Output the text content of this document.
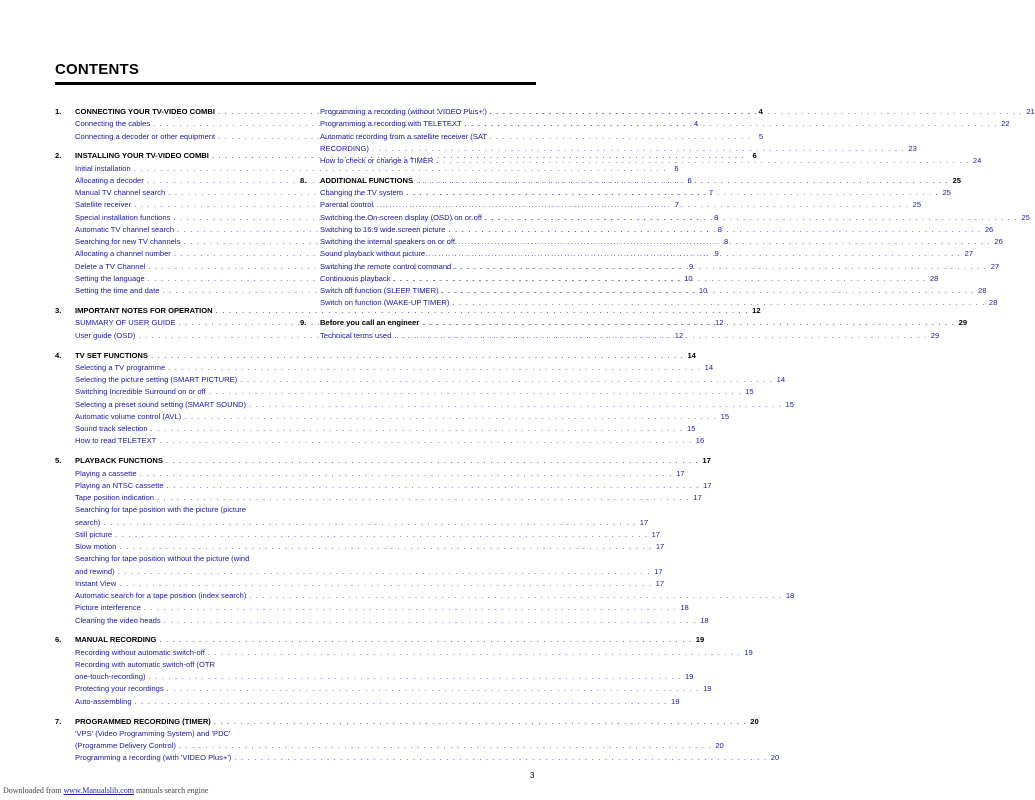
CONTENTS
1.	CONNECTING YOUR TV-VIDEO COMBI . . .	4
Connecting the cables . . .	4
Connecting a decoder or other equipment . . .	5
2.	INSTALLING YOUR TV-VIDEO COMBI . . .	6
Initial installation . . .	6
Allocating a decoder . . .	6
Manual TV channel search . . .	7
Satellite receiver . . .	7
Special installation functions . . .	8
Automatic TV channel search . . .	8
Searching for new TV channels . . .	8
Allocating a channel number . . .	9
Delete a TV Channel . . .	9
Setting the language . . .	10
Setting the time and date . . .	10
3.	IMPORTANT NOTES FOR OPERATION . . .	12
SUMMARY OF USER GUIDE . . .	12
User guide (OSD) . . .	12
4.	TV SET FUNCTIONS . . .	14
Selecting a TV programme . . .	14
Selecting the picture setting (SMART PICTURE) . . .	14
Switching Incredible Surround on or off . . .	15
Selecting a preset sound setting (SMART SOUND) . . .	15
Automatic volume control (AVL) . . .	15
Sound track selection . . .	15
How to read TELETEXT . . .	16
5.	PLAYBACK FUNCTIONS . . .	17
Playing a cassette . . .	17
Playing an NTSC cassette . . .	17
Tape position indication . . .	17
Searching for tape position with the picture (picture
search) . . .	17
Still picture . . .	17
Slow motion . . .	17
Searching for tape position without the picture (wind
and rewind) . . .	17
Instant View . . .	17
Automatic search for a tape position (index search) . . .	18
Picture interference . . .	18
Cleaning the video heads . . .	18
6.	MANUAL RECORDING . . .	19
Recording without automatic switch-off . . .	19
Recording with automatic switch-off (OTR
one-touch-recording) . . .	19
Protecting your recordings . . .	19
Auto-assembling . . .	19
7.	PROGRAMMED RECORDING (TIMER) . . .	20
'VPS' (Video Programming System) and 'PDC'
(Programme Delivery Control) . . .	20
Programming a recording (with 'VIDEO Plus+') . . .	20
Programming a recording (without 'VIDEO Plus+') . . .	21
Programming a recording with TELETEXT . . .	22
Automatic recording from a satellite receiver (SAT
RECORDING) . . .	23
How to check or change a TIMER . . .	24
8.	ADDITIONAL FUNCTIONS . . .	25
Changing the TV system . . .	25
Parental control . . .	25
Switching the On-screen display (OSD) on or off . . .	25
Switching to 16:9 wide screen picture . . .	26
Switching the internal speakers on or off . . .	26
Sound playback without picture . . .	27
Switching the remote control command . . .	27
Continuous playback . . .	28
Switch off function (SLEEP TIMER) . . .	28
Switch on function (WAKE-UP TIMER) . . .	28
9.	Before you call an engineer . . .	29
Technical terms used . . .	29
3
Downloaded from www.Manualslib.com manuals search engine
